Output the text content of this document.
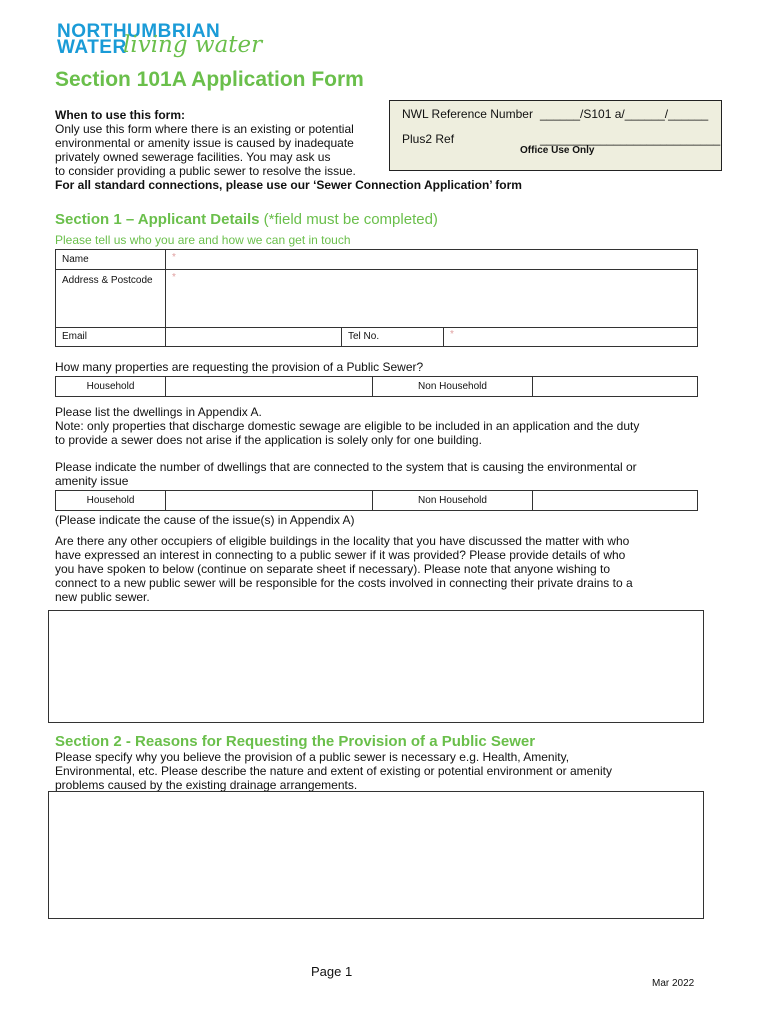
NORTHUMBRIAN
WATER
living water
Section 101A Application Form
When to use this form:
Only use this form where there is an existing or potential
environmental or amenity issue is caused by inadequate
privately owned sewerage facilities. You may ask us
to consider providing a public sewer to resolve the issue.
For all standard connections, please use our ‘Sewer Connection Application’ form
NWL Reference Number ______/S101 a/______/______
Plus2 Ref	___________________________
Office Use Only
Section 1 – Applicant Details (*field must be completed)
Please tell us who you are and how we can get in touch
Name	*		
Address & Postcode	*		
Email		Tel No.	*
How many properties are requesting the provision of a Public Sewer?
Household		Non Household	
Please list the dwellings in Appendix A.
Note: only properties that discharge domestic sewage are eligible to be included in an application and the duty
to provide a sewer does not arise if the application is solely only for one building.
Please indicate the number of dwellings that are connected to the system that is causing the environmental or
amenity issue
Household		Non Household	
(Please indicate the cause of the issue(s) in Appendix A)
Are there any other occupiers of eligible buildings in the locality that you have discussed the matter with who
have expressed an interest in connecting to a public sewer if it was provided? Please provide details of who
you have spoken to below (continue on separate sheet if necessary). Please note that anyone wishing to
connect to a new public sewer will be responsible for the costs involved in connecting their private drains to a
new public sewer.
Section 2 - Reasons for Requesting the Provision of a Public Sewer
Please specify why you believe the provision of a public sewer is necessary e.g. Health, Amenity,
Environmental, etc. Please describe the nature and extent of existing or potential environment or amenity
problems caused by the existing drainage arrangements.
Page 1
Mar 2022
